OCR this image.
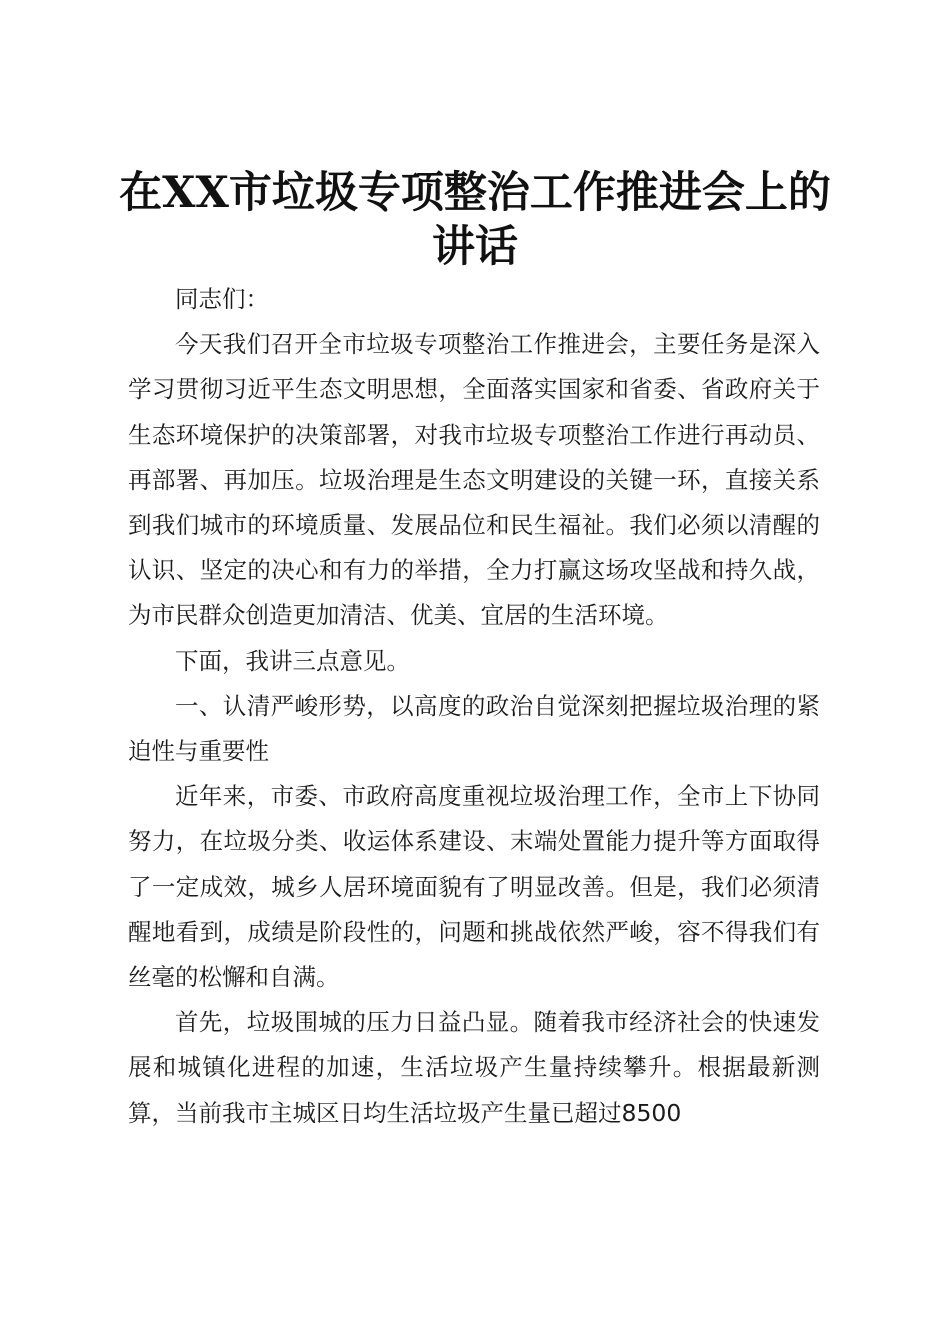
在XX市垃圾专项整治工作推进会上的讲话

同志们：

今天我们召开全市垃圾专项整治工作推进会，主要任务是深入学习贯彻习近平生态文明思想，全面落实国家和省委、省政府关于生态环境保护的决策部署，对我市垃圾专项整治工作进行再动员、再部署、再加压。垃圾治理是生态文明建设的关键一环，直接关系到我们城市的环境质量、发展品位和民生福祉。我们必须以清醒的认识、坚定的决心和有力的举措，全力打赢这场攻坚战和持久战，为市民群众创造更加清洁、优美、宜居的生活环境。

下面，我讲三点意见。

一、认清严峻形势，以高度的政治自觉深刻把握垃圾治理的紧迫性与重要性

近年来，市委、市政府高度重视垃圾治理工作，全市上下协同努力，在垃圾分类、收运体系建设、末端处置能力提升等方面取得了一定成效，城乡人居环境面貌有了明显改善。但是，我们必须清醒地看到，成绩是阶段性的，问题和挑战依然严峻，容不得我们有丝毫的松懈和自满。

首先，垃圾围城的压力日益凸显。随着我市经济社会的快速发展和城镇化进程的加速，生活垃圾产生量持续攀升。根据最新测算，当前我市主城区日均生活垃圾产生量已超过8500
